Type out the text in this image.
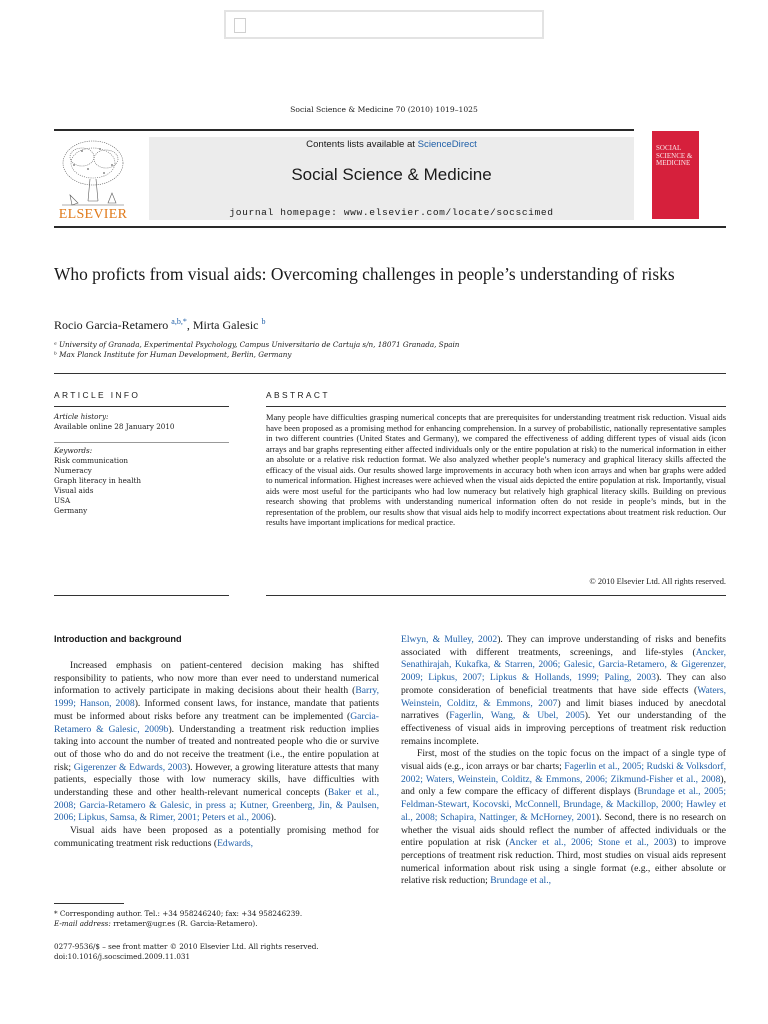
Social Science & Medicine 70 (2010) 1019–1025
ELSEVIER
Contents lists available at ScienceDirect
Social Science & Medicine
journal homepage: www.elsevier.com/locate/socscimed
SOCIAL SCIENCE & MEDICINE
Who proficts from visual aids: Overcoming challenges in people’s understanding of risks
Rocio Garcia-Retamero $^{a,b,*}$, Mirta Galesic $^b$
ᵃ University of Granada, Experimental Psychology, Campus Universitario de Cartuja s/n, 18071 Granada, Spain
ᵇ Max Planck Institute for Human Development, Berlin, Germany
ARTICLE INFO	ABSTRACT
Article history:
Available online 28 January 2010
Keywords:
Risk communication
Numeracy
Graph literacy in health
Visual aids
USA
Germany
Many people have difficulties grasping numerical concepts that are prerequisites for understanding treatment risk reduction. Visual aids have been proposed as a promising method for enhancing comprehension. In a survey of probabilistic, nationally representative samples in two different countries (United States and Germany), we compared the effectiveness of adding different types of visual aids (icon arrays and bar graphs representing either affected individuals only or the entire population at risk) to the numerical information in either an absolute or a relative risk reduction format. We also analyzed whether people’s numeracy and graphical literacy skills affected the efficacy of the visual aids. Our results showed large improvements in accuracy both when icon arrays and when bar graphs were added to numerical information. Highest increases were achieved when the visual aids depicted the entire population at risk. Importantly, visual aids were most useful for the participants who had low numeracy but relatively high graphical literacy skills. Building on previous research showing that problems with understanding numerical information often do not reside in people’s minds, but in the representation of the problem, our results show that visual aids help to modify incorrect expectations about treatment risk reduction. Our results have important implications for medical practice.
© 2010 Elsevier Ltd. All rights reserved.
Introduction and background

Increased emphasis on patient-centered decision making has shifted responsibility to patients, who now more than ever need to understand numerical information to actively participate in making decisions about their health (Barry, 1999; Hanson, 2008). Informed consent laws, for instance, mandate that patients must be informed about risks before any treatment can be implemented (Garcia-Retamero & Galesic, 2009b). Understanding a treatment risk reduction implies taking into account the number of treated and nontreated people who die or survive out of those who do and do not receive the treatment (i.e., the entire population at risk; Gigerenzer & Edwards, 2003). However, a growing literature attests that many patients, especially those with low numeracy skills, have difficulties with understanding these and other health-relevant numerical concepts (Baker et al., 2008; Garcia-Retamero & Galesic, in press a; Kutner, Greenberg, Jin, & Paulsen, 2006; Lipkus, Samsa, & Rimer, 2001; Peters et al., 2006).

Visual aids have been proposed as a potentially promising method for communicating treatment risk reductions (Edwards,

Elwyn, & Mulley, 2002). They can improve understanding of risks and benefits associated with different treatments, screenings, and life-styles (Ancker, Senathirajah, Kukafka, & Starren, 2006; Galesic, Garcia-Retamero, & Gigerenzer, 2009; Lipkus, 2007; Lipkus & Hollands, 1999; Paling, 2003). They can also promote consideration of beneficial treatments that have side effects (Waters, Weinstein, Colditz, & Emmons, 2007) and limit biases induced by anecdotal narratives (Fagerlin, Wang, & Ubel, 2005). Yet our understanding of the effectiveness of visual aids in improving perceptions of treatment risk reduction remains incomplete.

First, most of the studies on the topic focus on the impact of a single type of visual aids (e.g., icon arrays or bar charts; Fagerlin et al., 2005; Rudski & Volksdorf, 2002; Waters, Weinstein, Colditz, & Emmons, 2006; Zikmund-Fisher et al., 2008), and only a few compare the efficacy of different displays (Brundage et al., 2005; Feldman-Stewart, Kocovski, McConnell, Brundage, & Mackillop, 2000; Hawley et al., 2008; Schapira, Nattinger, & McHorney, 2001). Second, there is no research on whether the visual aids should reflect the number of affected individuals or the entire population at risk (Ancker et al., 2006; Stone et al., 2003) to improve perceptions of treatment risk reduction. Third, most studies on visual aids represent numerical information about risk using a single format (e.g., either absolute or relative risk reduction; Brundage et al.,

* Corresponding author. Tel.: +34 958246240; fax: +34 958246239.
E-mail address: rretamer@ugr.es (R. Garcia-Retamero).
0277-9536/$ – see front matter © 2010 Elsevier Ltd. All rights reserved.
doi:10.1016/j.socscimed.2009.11.031
